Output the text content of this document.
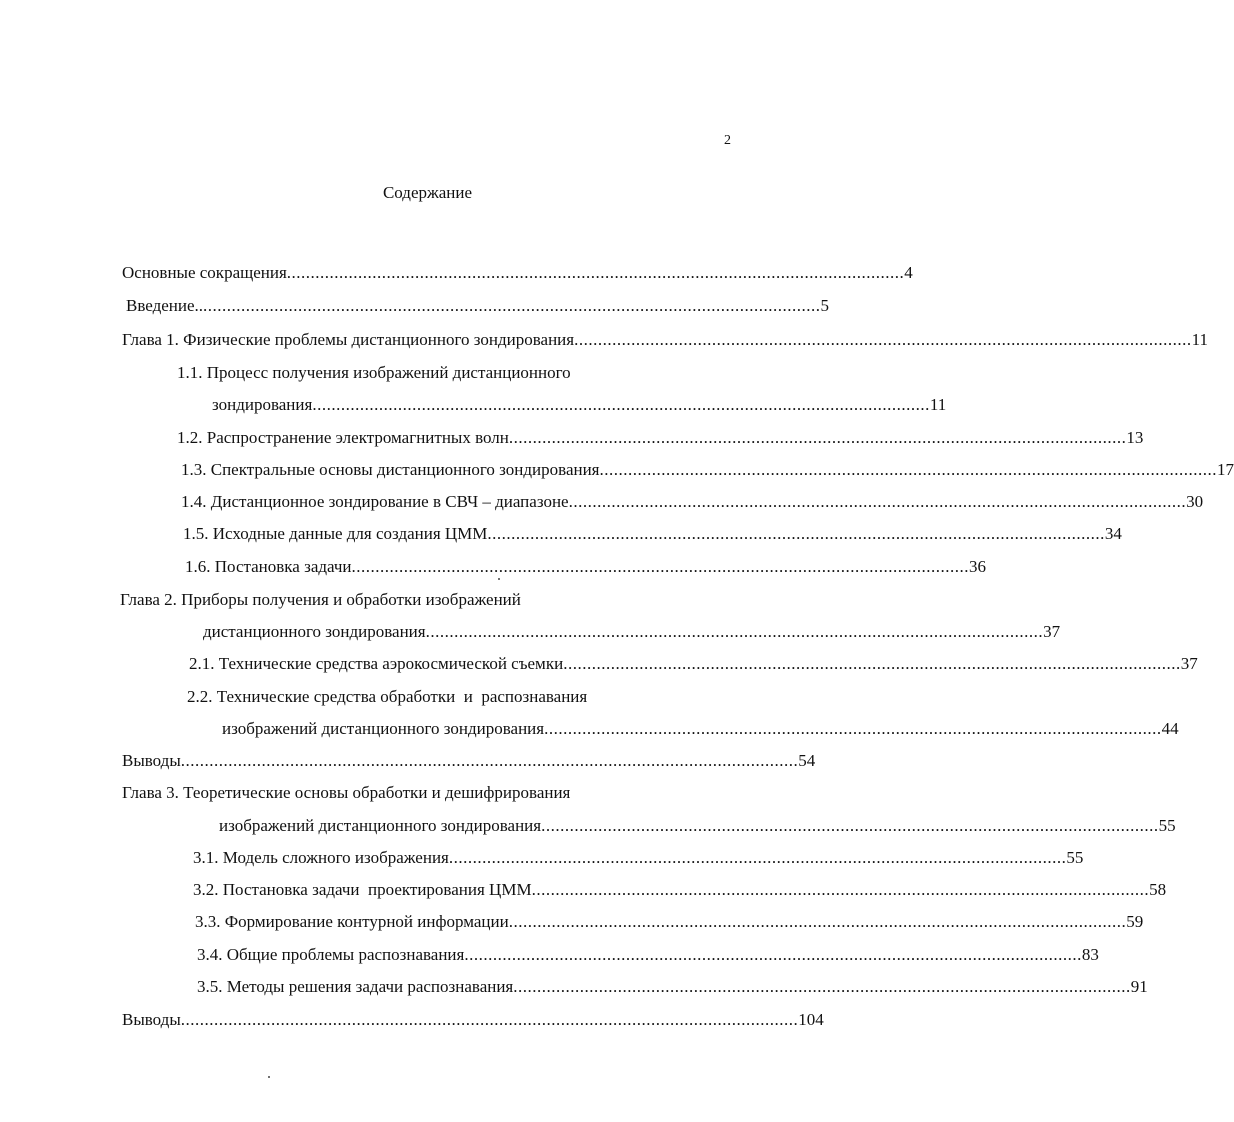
2
Содержание
Основные сокращения .................................................................................................................................. 4
Введение.. .................................................................................................................................. 5
Глава 1. Физические проблемы дистанционного зондирования .................................................................................................................................. 11
1.1. Процесс получения изображений дистанционного
зондирования .................................................................................................................................. 11
1.2. Распространение электромагнитных волн .................................................................................................................................. 13
1.3. Спектральные основы дистанционного зондирования .................................................................................................................................. 17
1.4. Дистанционное зондирование в СВЧ – диапазоне .................................................................................................................................. 30
1.5. Исходные данные для создания ЦММ .................................................................................................................................. 34
1.6. Постановка задачи .................................................................................................................................. 36
Глава 2. Приборы получения и обработки изображений
дистанционного зондирования .................................................................................................................................. 37
2.1. Технические средства аэрокосмической съемки .................................................................................................................................. 37
2.2. Технические средства обработки  и  распознавания
изображений дистанционного зондирования .................................................................................................................................. 44
Выводы .................................................................................................................................. 54
Глава 3. Теоретические основы обработки и дешифрирования
изображений дистанционного зондирования .................................................................................................................................. 55
3.1. Модель сложного изображения .................................................................................................................................. 55
3.2. Постановка задачи  проектирования ЦММ .................................................................................................................................. 58
3.3. Формирование контурной информации .................................................................................................................................. 59
3.4. Общие проблемы распознавания .................................................................................................................................. 83
3.5. Методы решения задачи распознавания .................................................................................................................................. 91
Выводы .................................................................................................................................. 104
